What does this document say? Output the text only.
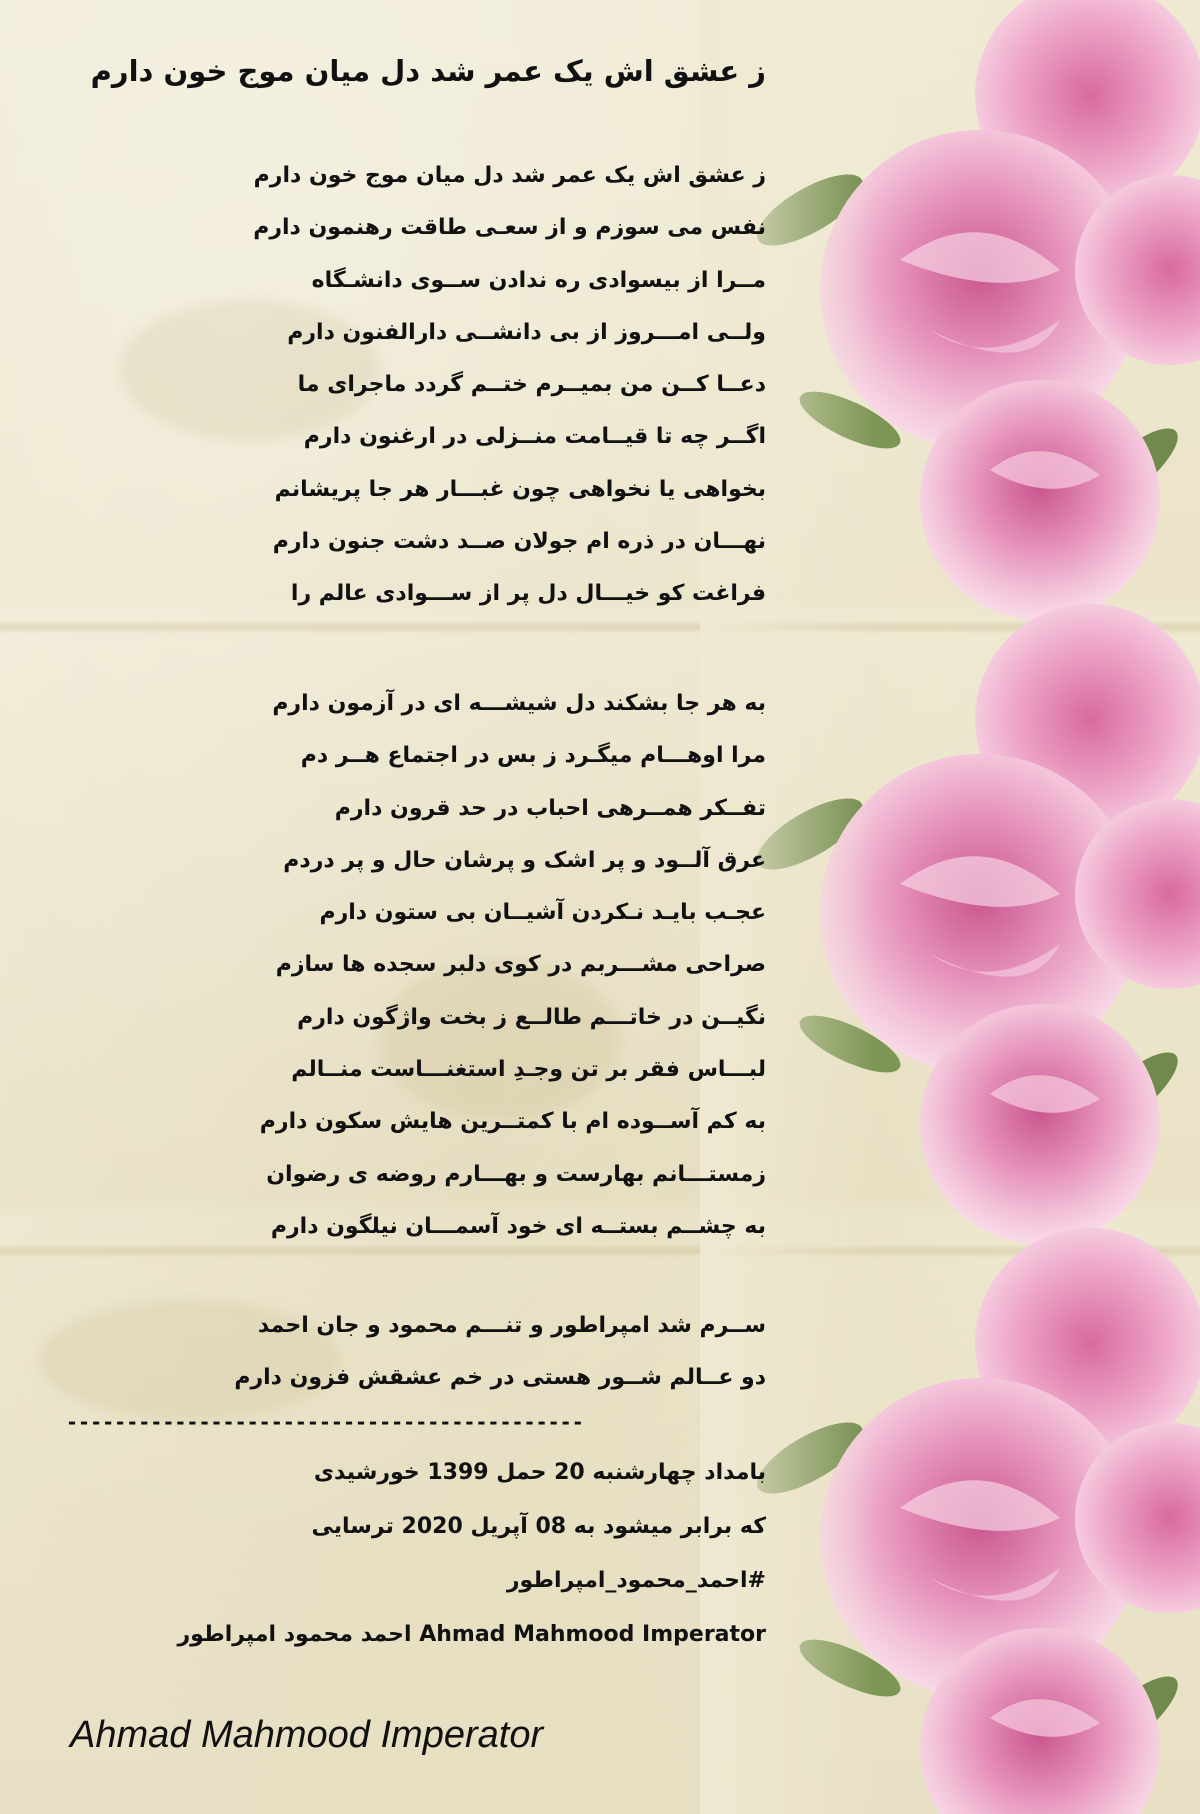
ز عشق اش یک عمر شد دل میان موج خون دارم
ز عشق اش یک عمر شد دل میان موج خون دارم
نفس می سوزم و از سعـی طاقت رهنمون دارم
مــرا از بیسوادی ره ندادن ســوی دانشـگاه
ولــی امـــروز از بی دانشــی دارالفنون دارم
دعــا کــن من بمیــرم ختــم گردد ماجرای ما
اگــر چه تا قیــامت منــزلی در ارغنون دارم
بخواهی یا نخواهی چون غبـــار هر جا پریشانم
نهـــان در ذره ام جولان صــد دشت جنون دارم
فراغت کو خیـــال دل پر از ســـوادی عالم را
به هر جا بشکند دل شیشـــه ای در آزمون دارم
مرا اوهـــام میگـرد ز بس در اجتماع هــر دم
تفــکر همــرهی احباب در حد قرون دارم
عرق آلــود و پر اشک و پرشان حال و پر دردم
عجـب بایـد نـکردن آشیــان بی ستون دارم
صراحی مشـــربم در کوی دلبر سجده ها سازم
نگیــن در خاتـــم طالــع ز بخت واژگون دارم
لبـــاس فقر بر تن وجـدِ استغنـــاست منــالم
به کم آســوده ام با کمتــرین هایش سکون دارم
زمستـــانم بهارست و بهـــارم روضه ی رضوان
به چشــم بستــه ای خود آسمـــان نیلگون دارم
ســرم شد امپراطور و تنـــم محمود و جان احمد
دو عــالم شــور هستی در خم عشقش فزون دارم
-------------------------------------------
بامداد چهارشنبه 20 حمل 1399 خورشیدی
که برابر میشود به 08 آپریل 2020 ترسایی
#احمد_محمود_امپراطور
Ahmad Mahmood Imperator احمد محمود امپراطور
Ahmad Mahmood Imperator
